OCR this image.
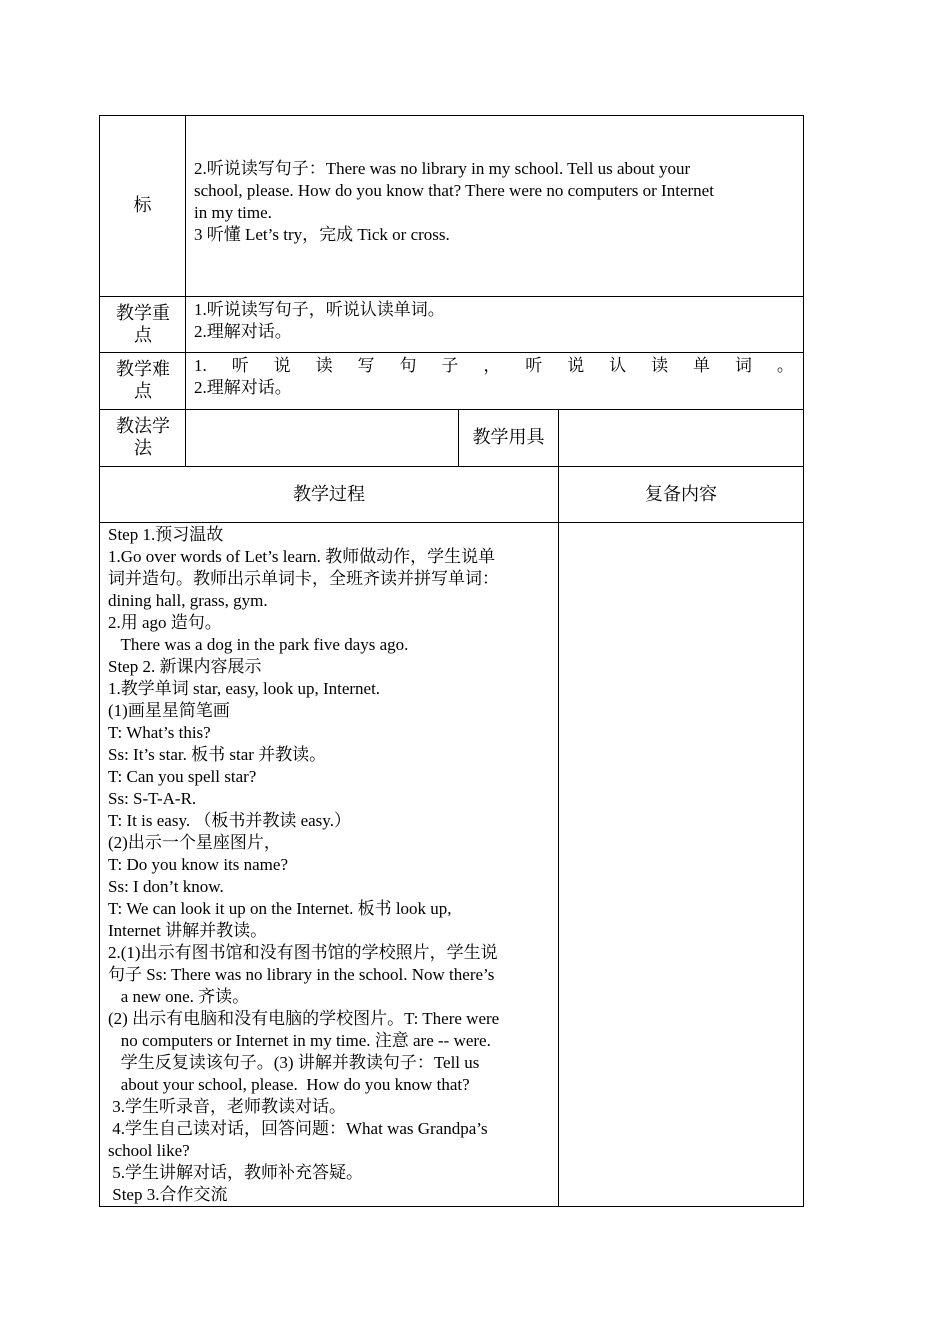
标
2.听说读写句子：There was no library in my school. Tell us about your
school, please. How do you know that? There were no computers or Internet
in my time.
3 听懂 Let’s try，完成 Tick or cross.
教学重点
1.听说读写句子，听说认读单词。
2.理解对话。
教学难点
1. 听 说 读 写 句 子 ， 听 说 认 读 单 词 。
2.理解对话。
教法学法
教学用具
教学过程	复备内容
Step 1.预习温故
1.Go over words of Let’s learn. 教师做动作，学生说单
词并造句。教师出示单词卡，全班齐读并拼写单词：
dining hall, grass, gym.
2.用 ago 造句。
There was a dog in the park five days ago.
Step 2. 新课内容展示
1.教学单词 star, easy, look up, Internet.
(1)画星星简笔画
T: What’s this?
Ss: It’s star. 板书 star 并教读。
T: Can you spell star?
Ss: S-T-A-R.
T: It is easy. （板书并教读 easy.）
(2)出示一个星座图片，
T: Do you know its name?
Ss: I don’t know.
T: We can look it up on the Internet. 板书 look up,
Internet 讲解并教读。
2.(1)出示有图书馆和没有图书馆的学校照片，学生说
句子 Ss: There was no library in the school. Now there’s
a new one. 齐读。
(2) 出示有电脑和没有电脑的学校图片。T: There were
no computers or Internet in my time. 注意 are -- were.
学生反复读该句子。(3) 讲解并教读句子：Tell us
about your school, please.  How do you know that?
3.学生听录音，老师教读对话。
4.学生自己读对话，回答问题：What was Grandpa’s
school like?
5.学生讲解对话，教师补充答疑。
Step 3.合作交流
